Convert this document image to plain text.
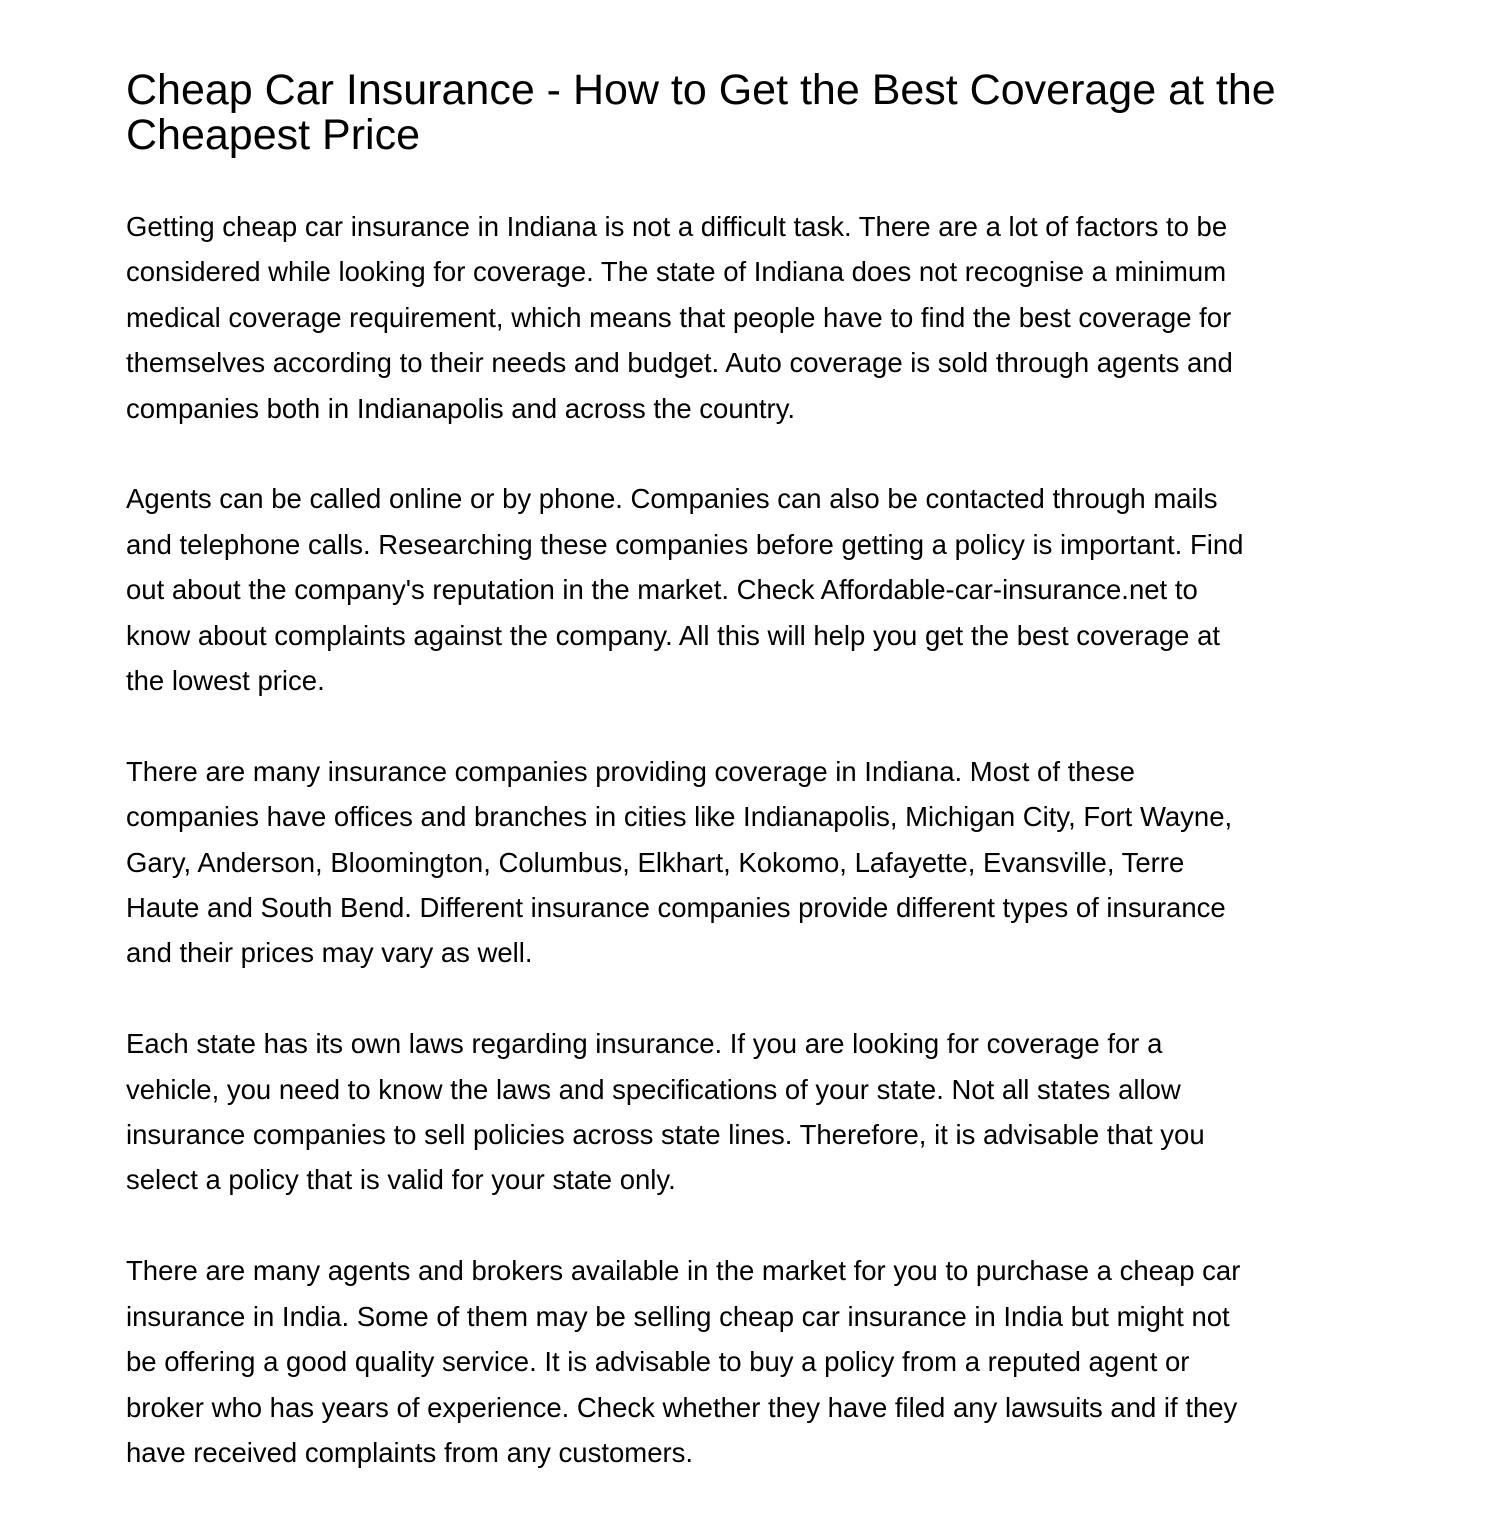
Cheap Car Insurance - How to Get the Best Coverage at the
Cheapest Price

Getting cheap car insurance in Indiana is not a difficult task. There are a lot of factors to be
considered while looking for coverage. The state of Indiana does not recognise a minimum
medical coverage requirement, which means that people have to find the best coverage for
themselves according to their needs and budget. Auto coverage is sold through agents and
companies both in Indianapolis and across the country.

Agents can be called online or by phone. Companies can also be contacted through mails
and telephone calls. Researching these companies before getting a policy is important. Find
out about the company's reputation in the market. Check Affordable-car-insurance.net to
know about complaints against the company. All this will help you get the best coverage at
the lowest price.

There are many insurance companies providing coverage in Indiana. Most of these
companies have offices and branches in cities like Indianapolis, Michigan City, Fort Wayne,
Gary, Anderson, Bloomington, Columbus, Elkhart, Kokomo, Lafayette, Evansville, Terre
Haute and South Bend. Different insurance companies provide different types of insurance
and their prices may vary as well.

Each state has its own laws regarding insurance. If you are looking for coverage for a
vehicle, you need to know the laws and specifications of your state. Not all states allow
insurance companies to sell policies across state lines. Therefore, it is advisable that you
select a policy that is valid for your state only.

There are many agents and brokers available in the market for you to purchase a cheap car
insurance in India. Some of them may be selling cheap car insurance in India but might not
be offering a good quality service. It is advisable to buy a policy from a reputed agent or
broker who has years of experience. Check whether they have filed any lawsuits and if they
have received complaints from any customers.
